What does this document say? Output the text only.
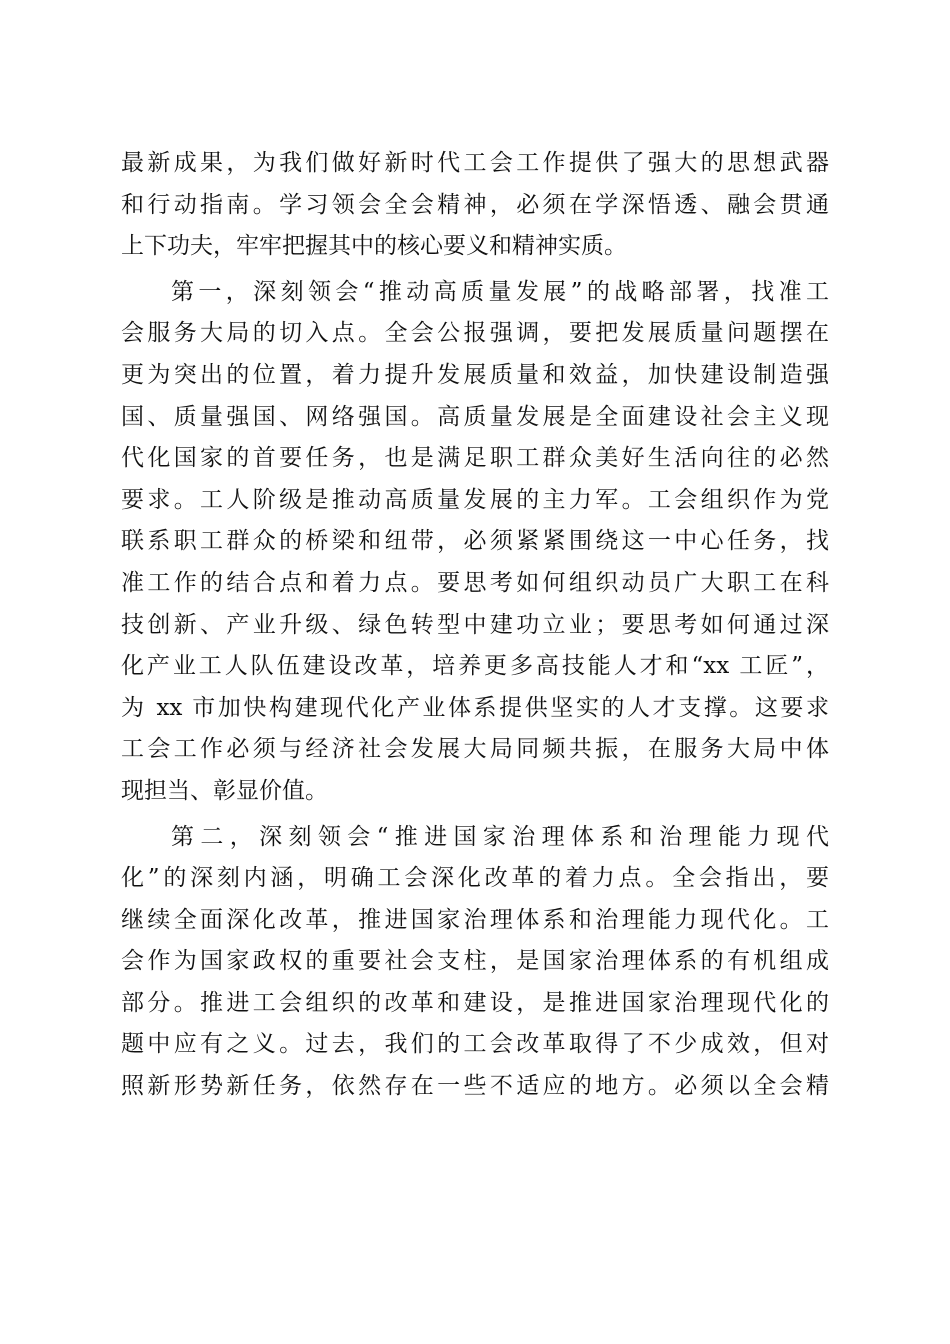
最新成果，为我们做好新时代工会工作提供了强大的思想武器
和行动指南。学习领会全会精神，必须在学深悟透、融会贯通
上下功夫，牢牢把握其中的核心要义和精神实质。
第一，深刻领会“推动高质量发展”的战略部署，找准工
会服务大局的切入点。全会公报强调，要把发展质量问题摆在
更为突出的位置，着力提升发展质量和效益，加快建设制造强
国、质量强国、网络强国。高质量发展是全面建设社会主义现
代化国家的首要任务，也是满足职工群众美好生活向往的必然
要求。工人阶级是推动高质量发展的主力军。工会组织作为党
联系职工群众的桥梁和纽带，必须紧紧围绕这一中心任务，找
准工作的结合点和着力点。要思考如何组织动员广大职工在科
技创新、产业升级、绿色转型中建功立业；要思考如何通过深
化产业工人队伍建设改革，培养更多高技能人才和“xx 工匠”，
为 xx 市加快构建现代化产业体系提供坚实的人才支撑。这要求
工会工作必须与经济社会发展大局同频共振，在服务大局中体
现担当、彰显价值。
第二，深刻领会“推进国家治理体系和治理能力现代
化”的深刻内涵，明确工会深化改革的着力点。全会指出，要
继续全面深化改革，推进国家治理体系和治理能力现代化。工
会作为国家政权的重要社会支柱，是国家治理体系的有机组成
部分。推进工会组织的改革和建设，是推进国家治理现代化的
题中应有之义。过去，我们的工会改革取得了不少成效，但对
照新形势新任务，依然存在一些不适应的地方。必须以全会精
